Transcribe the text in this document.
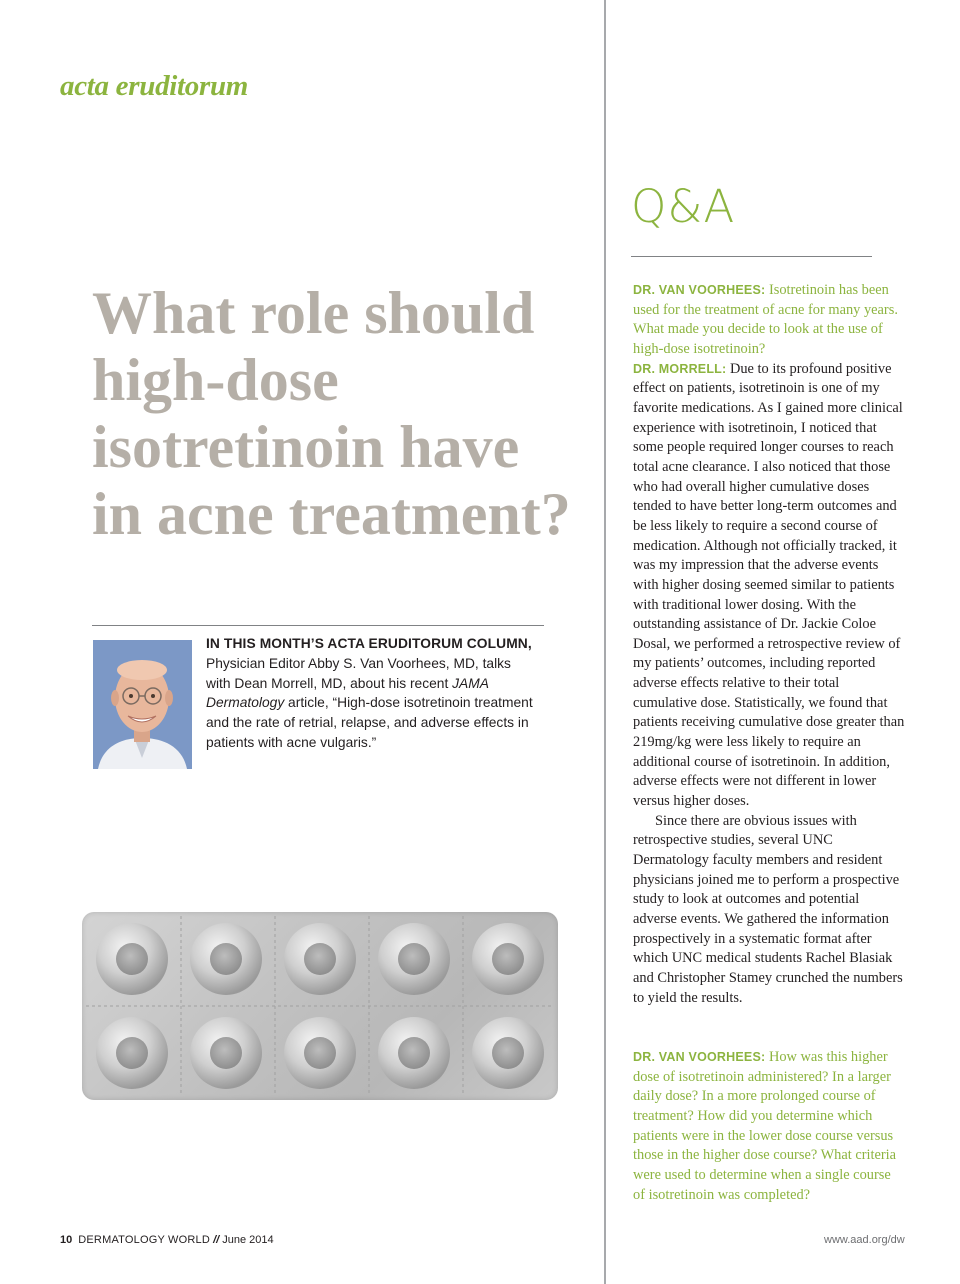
acta eruditorum
Q&A
What role should high-dose isotretinoin have in acne treatment?
IN THIS MONTH’S ACTA ERUDITORUM COLUMN, Physician Editor Abby S. Van Voorhees, MD, talks with Dean Morrell, MD, about his recent JAMA Dermatology article, “High-dose isotretinoin treatment and the rate of retrial, relapse, and adverse effects in patients with acne vulgaris.”

DR. VAN VOORHEES: Isotretinoin has been used for the treatment of acne for many years. What made you decide to look at the use of high-dose isotretinoin?

DR. MORRELL: Due to its profound positive effect on patients, isotretinoin is one of my favorite medications. As I gained more clinical experience with isotretinoin, I noticed that some people required longer courses to reach total acne clearance. I also noticed that those who had overall higher cumulative doses tended to have better long-term outcomes and be less likely to require a second course of medication. Although not officially tracked, it was my impression that the adverse events with higher dosing seemed similar to patients with traditional lower dosing. With the outstanding assistance of Dr. Jackie Coloe Dosal, we performed a retrospective review of my patients’ outcomes, including reported adverse effects relative to their total cumulative dose. Statistically, we found that patients receiving cumulative dose greater than 219mg/kg were less likely to require an additional course of isotretinoin. In addition, adverse effects were not different in lower versus higher doses.

Since there are obvious issues with retrospective studies, several UNC Dermatology faculty members and resident physicians joined me to perform a prospective study to look at outcomes and potential adverse events. We gathered the information prospectively in a systematic format after which UNC medical students Rachel Blasiak and Christopher Stamey crunched the numbers to yield the results.

DR. VAN VOORHEES: How was this higher dose of isotretinoin administered? In a larger daily dose? In a more prolonged course of treatment? How did you determine which patients were in the lower dose course versus those in the higher dose course? What criteria were used to determine when a single course of isotretinoin was completed?

10 DERMATOLOGY WORLD // June 2014	www.aad.org/dw
